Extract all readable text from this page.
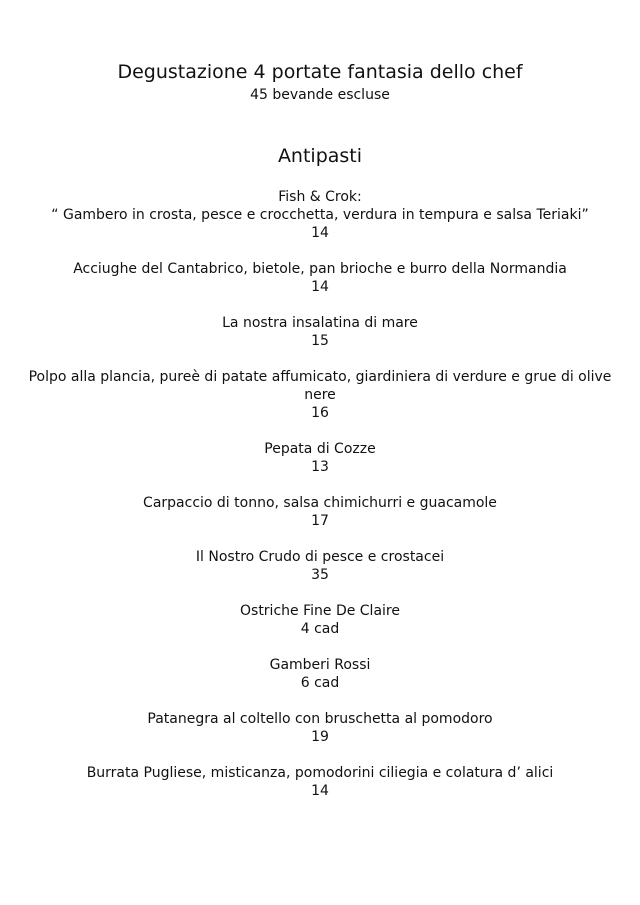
Degustazione 4 portate fantasia dello chef
45 bevande escluse
Antipasti
Fish & Crok:
“ Gambero in crosta, pesce e crocchetta, verdura in tempura e salsa Teriaki”
14
Acciughe del Cantabrico, bietole, pan brioche e burro della Normandia
14
La nostra insalatina di mare
15
Polpo alla plancia, pureè di patate affumicato, giardiniera di verdure e grue di olive nere
16
Pepata di Cozze
13
Carpaccio di tonno, salsa chimichurri e guacamole
17
Il Nostro Crudo di pesce e crostacei
35
Ostriche Fine De Claire
4 cad
Gamberi Rossi
6 cad
Patanegra al coltello con bruschetta al pomodoro
19
Burrata Pugliese, misticanza, pomodorini ciliegia e colatura d’ alici
14
